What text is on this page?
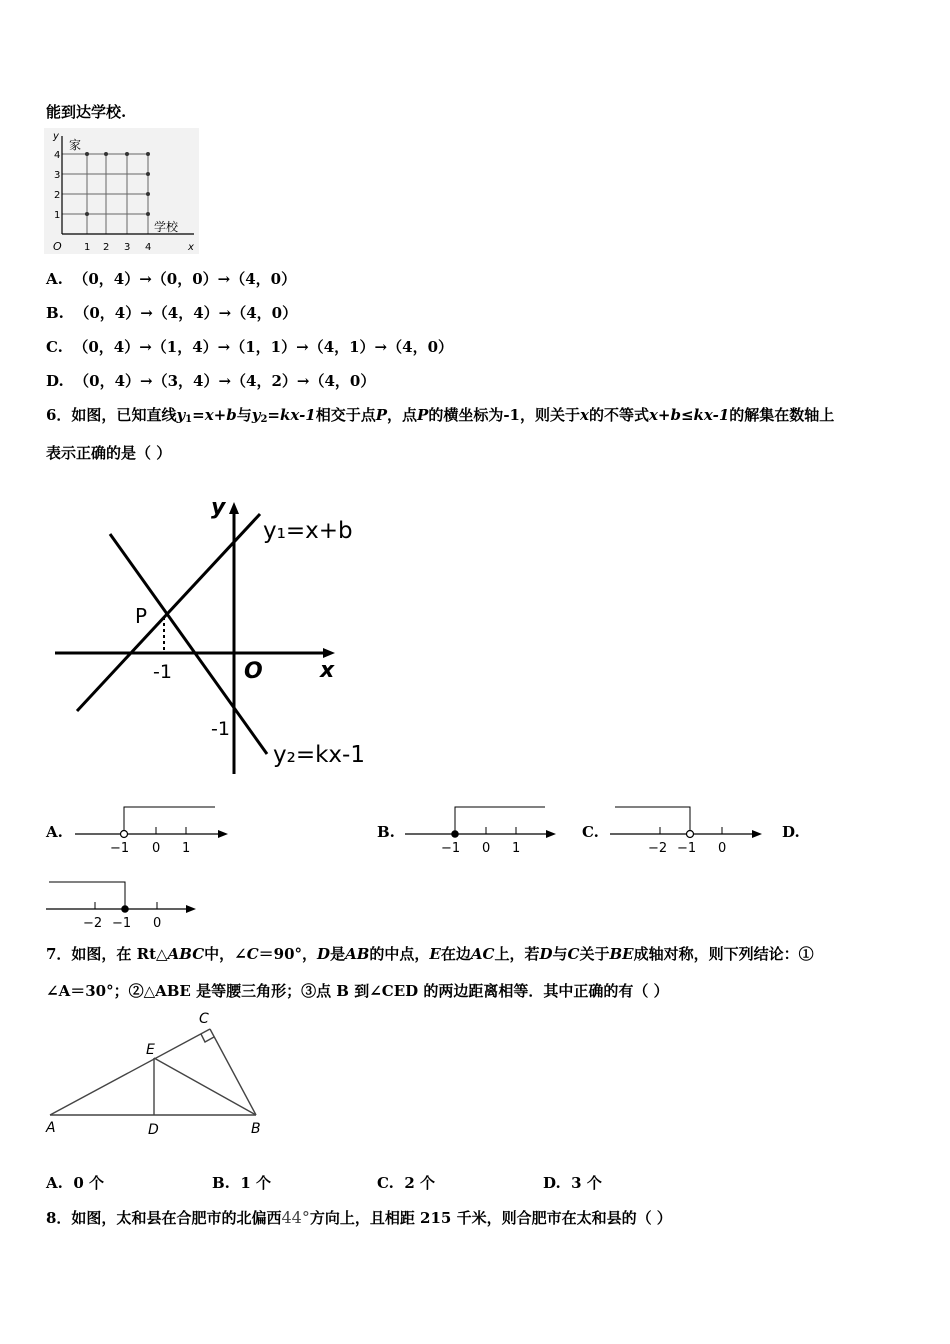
能到达学校.
y
家
4
3
2
1
O 1 2 3 4
学校
x
A. （0，4）→（0，0）→（4，0）
B. （0，4）→（4，4）→（4，0）
C. （0，4）→（1，4）→（1，1）→（4，1）→（4，0）
D. （0，4）→（3，4）→（4，2）→（4，0）
6．如图，已知直线$y_1=x+b$与$y_2=kx-1$相交于点P，点P的横坐标为-1，则关于x的不等式x+b≤kx-1的解集在数轴上
表示正确的是（ ）
y
x
O
P
-1
-1
y₁=x+b
y₂=kx-1
A.
−1 0 1
B.
−1 0 1
C.
−2 −1 0
D.
−2 −1 0
7．如图，在 Rt△ABC中，∠C＝90°，D是AB的中点，E在边AC上，若D与C关于BE成轴对称，则下列结论：①
∠A＝30°；②△ABE 是等腰三角形；③点 B 到∠CED 的两边距离相等．其中正确的有（ ）
A	B
C
D
E
A. 0 个	B. 1 个	C. 2 个	D. 3 个
8．如图，太和县在合肥市的北偏西44°方向上，且相距 215 千米，则合肥市在太和县的（ ）
